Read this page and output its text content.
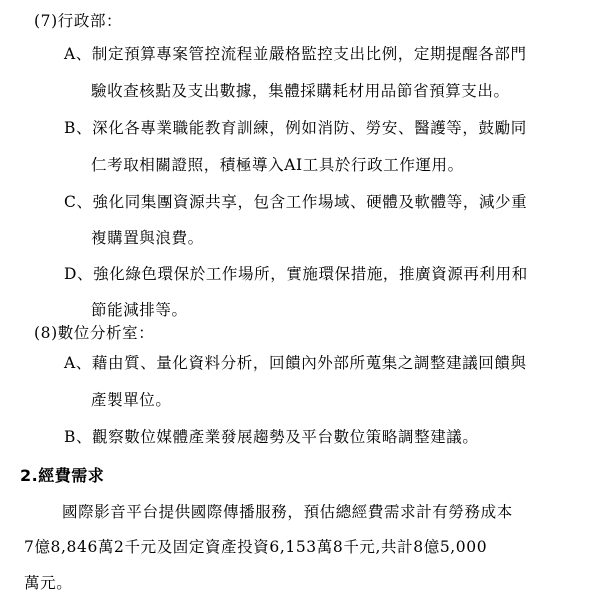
(7)行政部：
A、制定預算專案管控流程並嚴格監控支出比例，定期提醒各部門
驗收查核點及支出數據，集體採購耗材用品節省預算支出。
B、深化各專業職能教育訓練，例如消防、勞安、醫護等，鼓勵同
仁考取相關證照，積極導入AI工具於行政工作運用。
C、強化同集團資源共享，包含工作場域、硬體及軟體等，減少重
複購置與浪費。
D、強化綠色環保於工作場所，實施環保措施，推廣資源再利用和
節能減排等。
(8)數位分析室：
A、藉由質、量化資料分析，回饋內外部所蒐集之調整建議回饋與
產製單位。
B、觀察數位媒體產業發展趨勢及平台數位策略調整建議。
2.經費需求
國際影音平台提供國際傳播服務，預估總經費需求計有勞務成本
7億8,846萬2千元及固定資產投資6,153萬8千元,共計8億5,000
萬元。
